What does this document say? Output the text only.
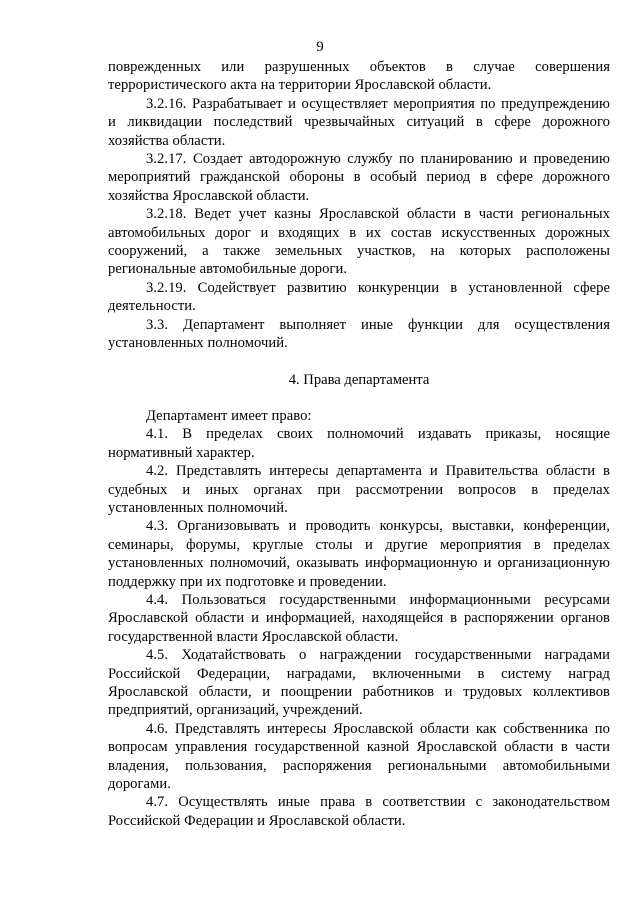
9

поврежденных или разрушенных объектов в случае совершения террористического акта на территории Ярославской области.

3.2.16. Разрабатывает и осуществляет мероприятия по предупреждению и ликвидации последствий чрезвычайных ситуаций в сфере дорожного хозяйства области.

3.2.17. Создает автодорожную службу по планированию и проведению мероприятий гражданской обороны в особый период в сфере дорожного хозяйства Ярославской области.

3.2.18. Ведет учет казны Ярославской области в части региональных автомобильных дорог и входящих в их состав искусственных дорожных сооружений, а также земельных участков, на которых расположены региональные автомобильные дороги.

3.2.19. Содействует развитию конкуренции в установленной сфере деятельности.

3.3. Департамент выполняет иные функции для осуществления установленных полномочий.

4. Права департамента

Департамент имеет право:

4.1. В пределах своих полномочий издавать приказы, носящие нормативный характер.

4.2. Представлять интересы департамента и Правительства области в судебных и иных органах при рассмотрении вопросов в пределах установленных полномочий.

4.3. Организовывать и проводить конкурсы, выставки, конференции, семинары, форумы, круглые столы и другие мероприятия в пределах установленных полномочий, оказывать информационную и организационную поддержку при их подготовке и проведении.

4.4. Пользоваться государственными информационными ресурсами Ярославской области и информацией, находящейся в распоряжении органов государственной власти Ярославской области.

4.5. Ходатайствовать о награждении государственными наградами Российской Федерации, наградами, включенными в систему наград Ярославской области, и поощрении работников и трудовых коллективов предприятий, организаций, учреждений.

4.6. Представлять интересы Ярославской области как собственника по вопросам управления государственной казной Ярославской области в части владения, пользования, распоряжения региональными автомобильными дорогами.

4.7. Осуществлять иные права в соответствии с законодательством Российской Федерации и Ярославской области.
